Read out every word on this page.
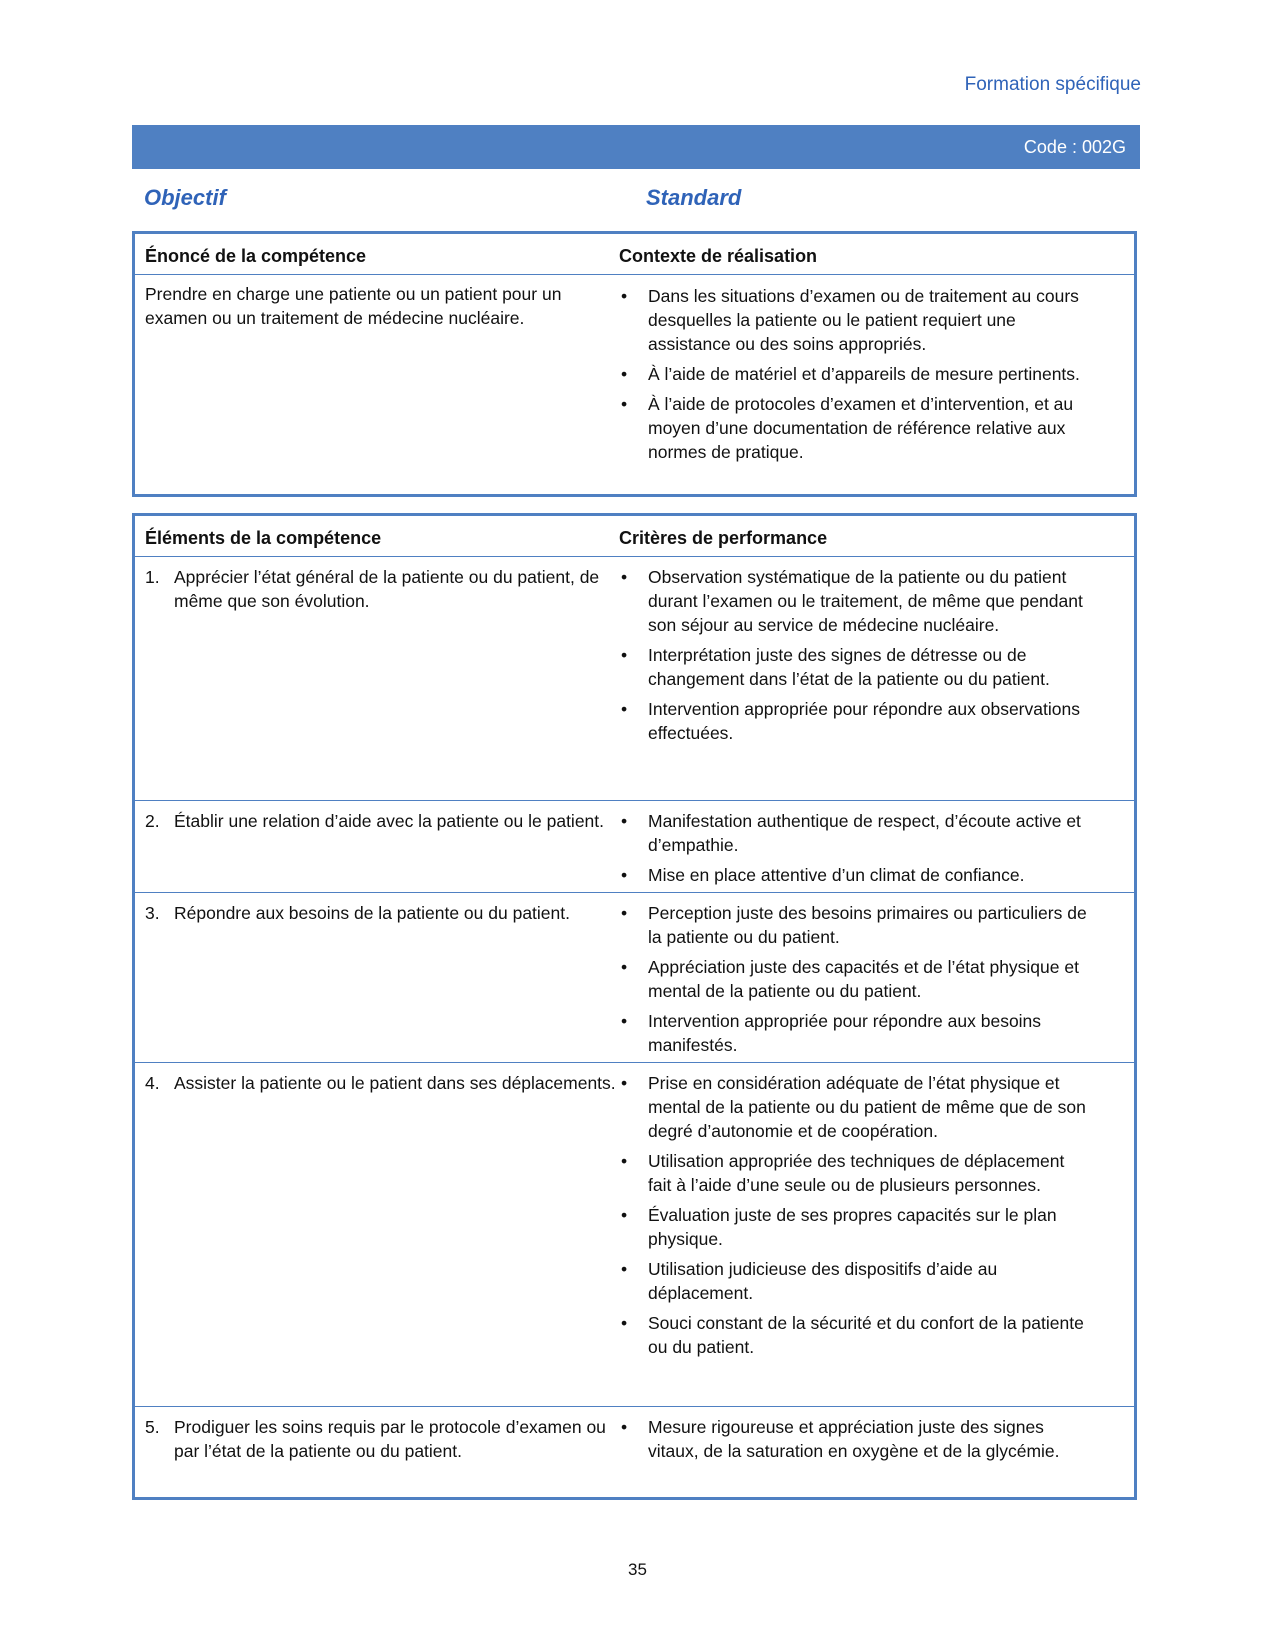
Formation spécifique
Code : 002G
Objectif	Standard
Énoncé de la compétence	Contexte de réalisation
Prendre en charge une patiente ou un patient pour un examen ou un traitement de médecine nucléaire.
• Dans les situations d’examen ou de traitement au cours desquelles la patiente ou le patient requiert une assistance ou des soins appropriés.
• À l’aide de matériel et d’appareils de mesure pertinents.
• À l’aide de protocoles d’examen et d’intervention, et au moyen d’une documentation de référence relative aux normes de pratique.
Éléments de la compétence	Critères de performance
1. Apprécier l’état général de la patiente ou du patient, de même que son évolution.
• Observation systématique de la patiente ou du patient durant l’examen ou le traitement, de même que pendant son séjour au service de médecine nucléaire.
• Interprétation juste des signes de détresse ou de changement dans l’état de la patiente ou du patient.
• Intervention appropriée pour répondre aux observations effectuées.
2. Établir une relation d’aide avec la patiente ou le patient. • Manifestation authentique de respect, d’écoute active et d’empathie.
• Mise en place attentive d’un climat de confiance.
3. Répondre aux besoins de la patiente ou du patient.	• Perception juste des besoins primaires ou particuliers de la patiente ou du patient.
• Appréciation juste des capacités et de l’état physique et mental de la patiente ou du patient.
• Intervention appropriée pour répondre aux besoins manifestés.
4. Assister la patiente ou le patient dans ses déplacements. • Prise en considération adéquate de l’état physique et mental de la patiente ou du patient de même que de son degré d’autonomie et de coopération.
• Utilisation appropriée des techniques de déplacement fait à l’aide d’une seule ou de plusieurs personnes.
• Évaluation juste de ses propres capacités sur le plan physique.
• Utilisation judicieuse des dispositifs d’aide au déplacement.
• Souci constant de la sécurité et du confort de la patiente ou du patient.
5. Prodiguer les soins requis par le protocole d’examen ou par l’état de la patiente ou du patient.
• Mesure rigoureuse et appréciation juste des signes vitaux, de la saturation en oxygène et de la glycémie.
35
